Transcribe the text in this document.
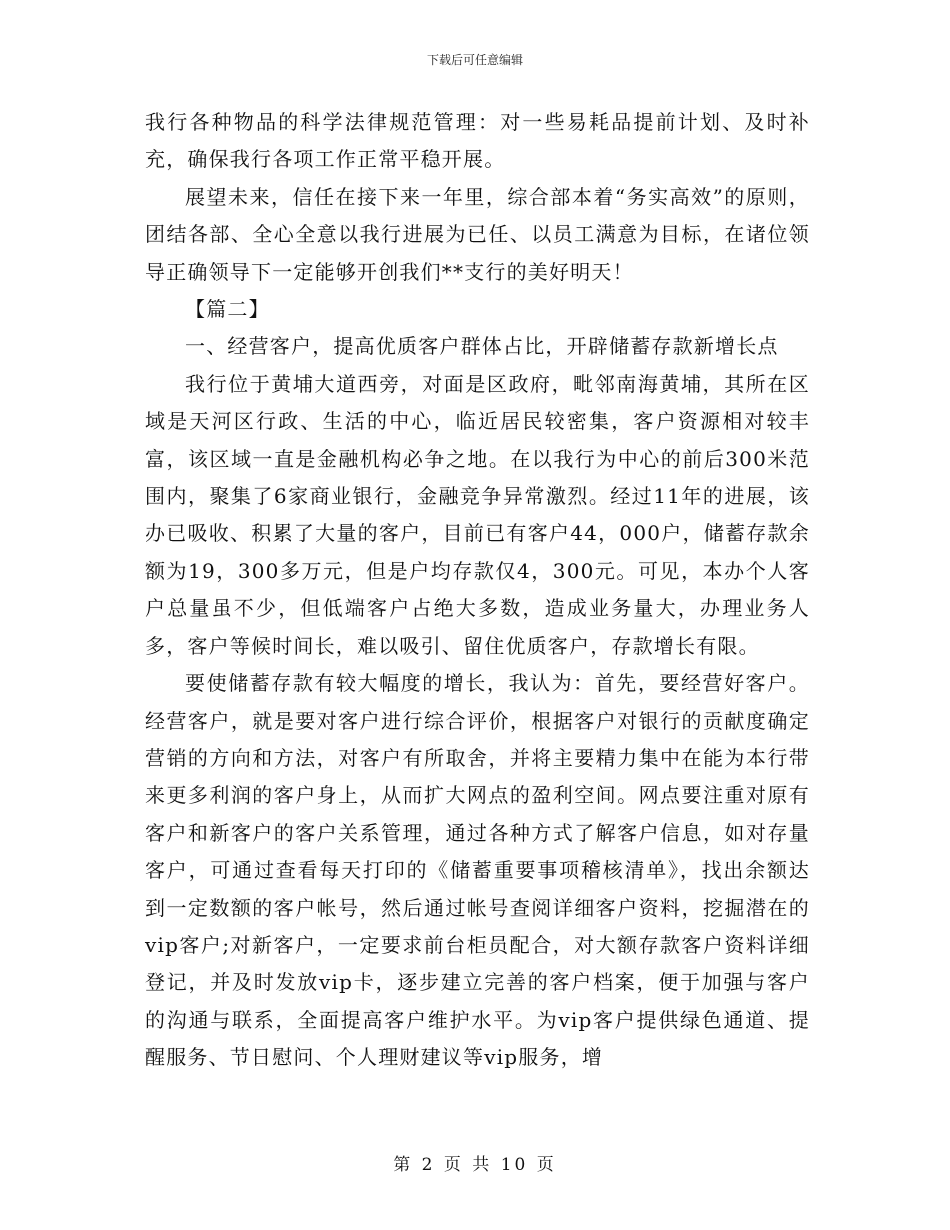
下载后可任意编辑

我行各种物品的科学法律规范管理：对一些易耗品提前计划、及时补充，确保我行各项工作正常平稳开展。

展望未来，信任在接下来一年里，综合部本着“务实高效”的原则，团结各部、全心全意以我行进展为已任、以员工满意为目标，在诸位领导正确领导下一定能够开创我们**支行的美好明天！

【篇二】

一、经营客户，提高优质客户群体占比，开辟储蓄存款新增长点

我行位于黄埔大道西旁，对面是区政府，毗邻南海黄埔，其所在区域是天河区行政、生活的中心，临近居民较密集，客户资源相对较丰富，该区域一直是金融机构必争之地。在以我行为中心的前后300米范围内，聚集了6家商业银行，金融竞争异常激烈。经过11年的进展，该办已吸收、积累了大量的客户，目前已有客户44，000户，储蓄存款余额为19，300多万元，但是户均存款仅4，300元。可见，本办个人客户总量虽不少，但低端客户占绝大多数，造成业务量大，办理业务人多，客户等候时间长，难以吸引、留住优质客户，存款增长有限。

要使储蓄存款有较大幅度的增长，我认为：首先，要经营好客户。经营客户，就是要对客户进行综合评价，根据客户对银行的贡献度确定营销的方向和方法，对客户有所取舍，并将主要精力集中在能为本行带来更多利润的客户身上，从而扩大网点的盈利空间。网点要注重对原有客户和新客户的客户关系管理，通过各种方式了解客户信息，如对存量客户，可通过查看每天打印的《储蓄重要事项稽核清单》，找出余额达到一定数额的客户帐号，然后通过帐号查阅详细客户资料，挖掘潜在的vip客户;对新客户，一定要求前台柜员配合，对大额存款客户资料详细登记，并及时发放vip卡，逐步建立完善的客户档案，便于加强与客户的沟通与联系，全面提高客户维护水平。为vip客户提供绿色通道、提醒服务、节日慰问、个人理财建议等vip服务，增

第 2 页 共 10 页
